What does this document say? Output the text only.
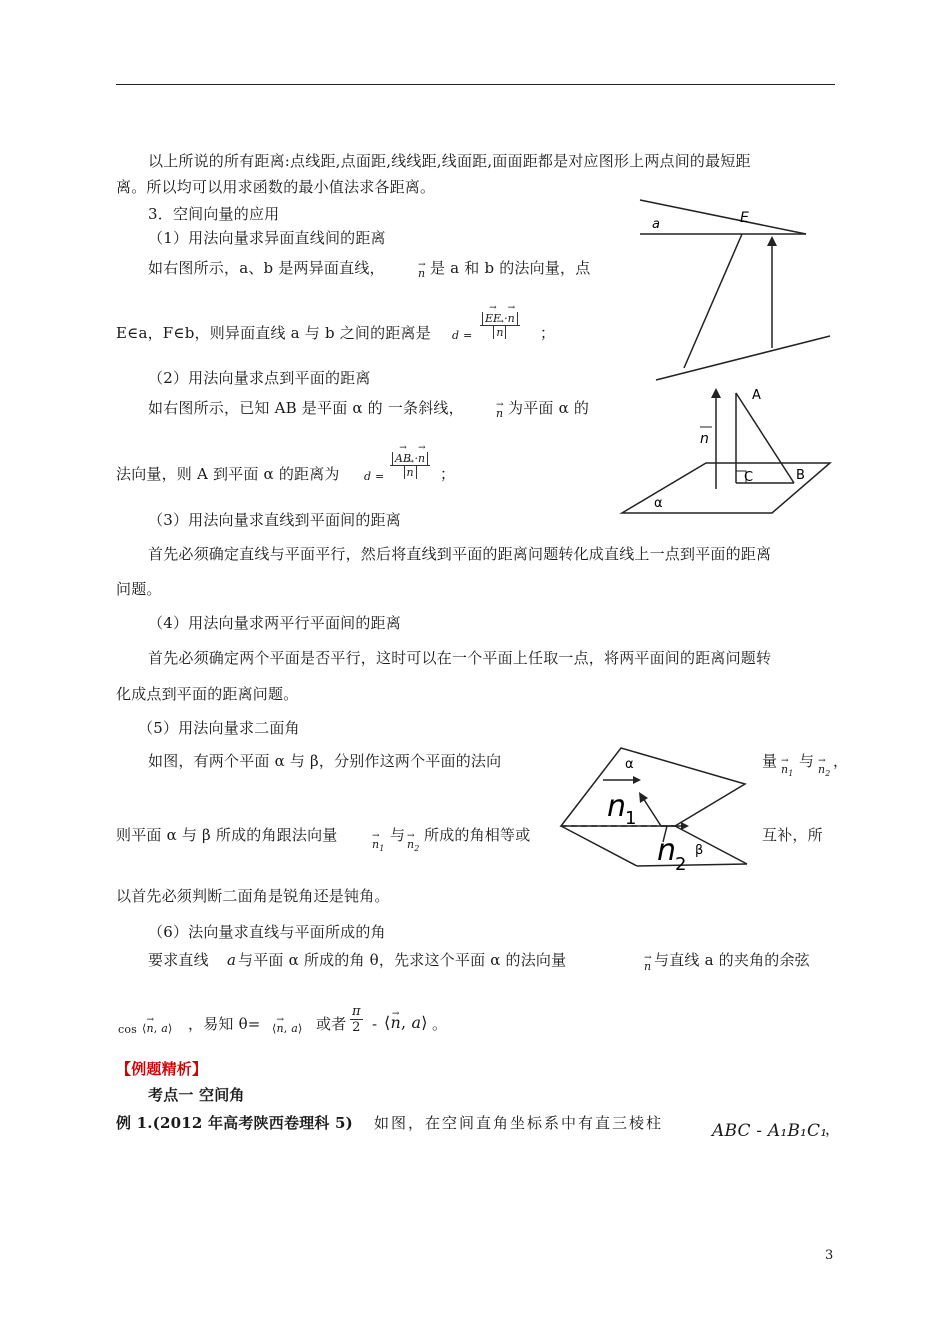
以上所说的所有距离:点线距,点面距,线线距,线面距,面面距都是对应图形上两点间的最短距
离。所以均可以用求函数的最小值法求各距离。
3．空间向量的应用
（1）用法向量求异面直线间的距离
如右图所示，a、b 是两异面直线，	→ n 是 a 和 b 的法向量，点
E∈a，F∈b，则异面直线 a 与 b 之间的距离是 d = → EF ·→ n
→ n ；
（2）用法向量求点到平面的距离
如右图所示，已知 AB 是平面 α 的 一条斜线，	→ n 为平面 α 的
法向量，则 A 到平面 α 的距离为 d = → AB ·→ n
→ n ；
（3）用法向量求直线到平面间的距离
首先必须确定直线与平面平行，然后将直线到平面的距离问题转化成直线上一点到平面的距离
问题。
（4）用法向量求两平行平面间的距离
首先必须确定两个平面是否平行，这时可以在一个平面上任取一点，将两平面间的距离问题转
化成点到平面的距离问题。
（5）用法向量求二面角
如图，有两个平面 α 与 β，分别作这两个平面的法向	量 → $n_1$
与 → $n_2$
，
则平面 α 与 β 所成的角跟法向量
→ $n_1$
与
→ $n_2$
所成的角相等或	互补，所
以首先必须判断二面角是锐角还是钝角。
（6）法向量求直线与平面所成的角
要求直线 a 与平面 α 所成的角 θ，先求这个平面 α 的法向量	→ n 与直线 a 的夹角的余弦
cos ⟨→ n, a⟩ ，易知 θ= ⟨→ n, a⟩ 或者 $\frac{\pi}{2}$ - ⟨→ n, a⟩ 。
【例题精析】
考点一 空间角
例 1.(2012 年高考陕西卷理科 5) 如图，在空间直角坐标系中有直三棱柱	ABC - A₁B₁C₁
，
E
a
A
C	B
α
n
α
β
n
1
n
2
3
